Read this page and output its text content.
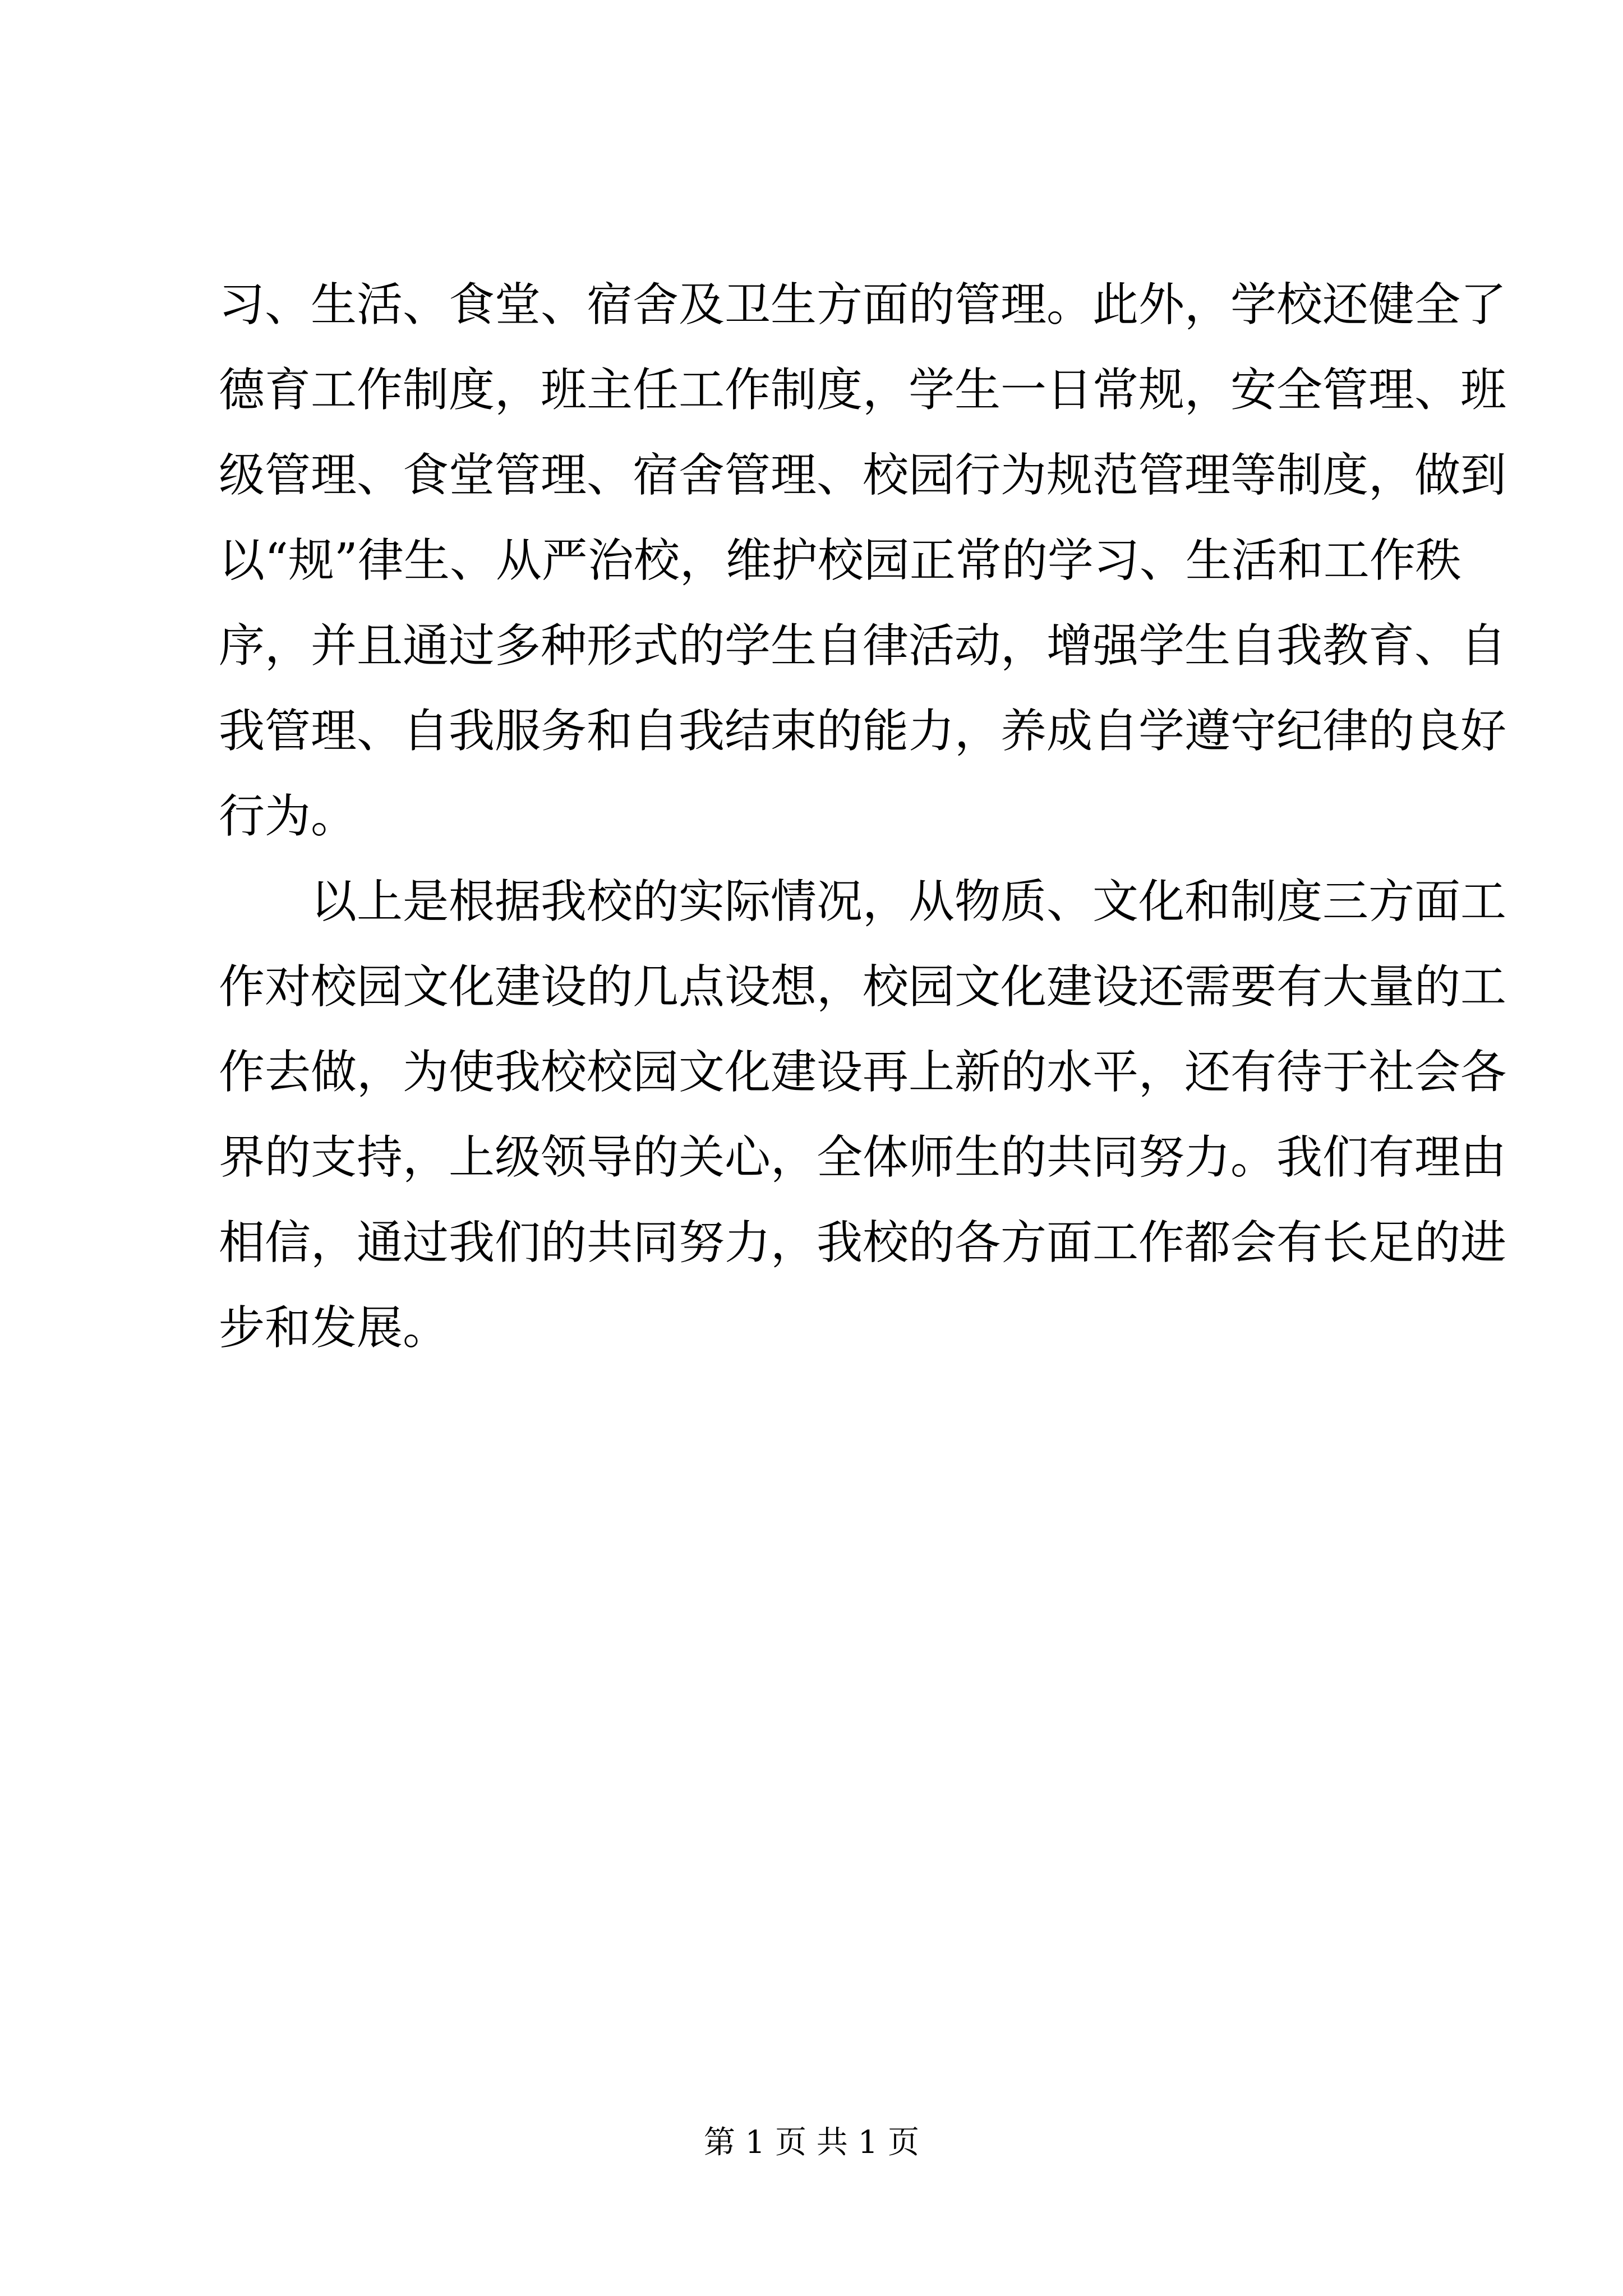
习、生活、食堂、宿舍及卫生方面的管理。此外，学校还健全了
德育工作制度，班主任工作制度，学生一日常规，安全管理、班
级管理、食堂管理、宿舍管理、校园行为规范管理等制度，做到
以“规”律生、从严治校，维护校园正常的学习、生活和工作秩
序，并且通过多种形式的学生自律活动，增强学生自我教育、自
我管理、自我服务和自我结束的能力，养成自学遵守纪律的良好
行为。
以上是根据我校的实际情况，从物质、文化和制度三方面工
作对校园文化建设的几点设想，校园文化建设还需要有大量的工
作去做，为使我校校园文化建设再上新的水平，还有待于社会各
界的支持，上级领导的关心，全体师生的共同努力。我们有理由
相信，通过我们的共同努力，我校的各方面工作都会有长足的进
步和发展。
第 1 页 共 1 页
